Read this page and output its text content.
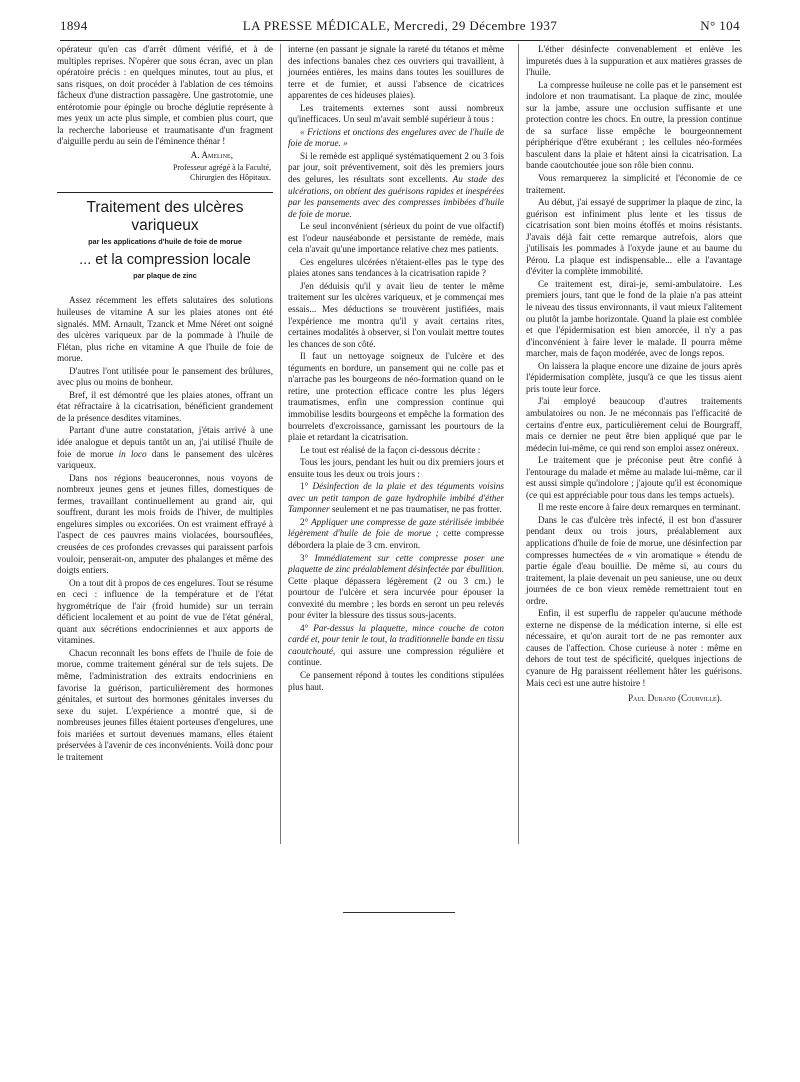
1894	LA PRESSE MÉDICALE, Mercredi, 29 Décembre 1937	N° 104

opérateur qu'en cas d'arrêt dûment vérifié, et à de multiples reprises. N'opérer que sous écran, avec un plan opératoire précis : en quelques minutes, tout au plus, et sans risques, on doit procéder à l'ablation de ces témoins fâcheux d'une distraction passagère. Une gastrotomie, une entérotomie pour épingle ou broche déglutie représente à mes yeux un acte plus simple, et combien plus court, que la recherche laborieuse et traumatisante d'un fragment d'aiguille perdu au sein de l'éminence thénar !

A. Ameline,
Professeur agrégé à la Faculté,
Chirurgien des Hôpitaux.
Traitement des ulcères variqueux
par les applications d'huile de foie de morue
... et la compression locale
par plaque de zinc

Assez récemment les effets salutaires des solutions huileuses de vitamine A sur les plaies atones ont été signalés. MM. Arnault, Tzanck et Mme Néret ont soigné des ulcères variqueux par de la pommade à l'huile de Flétan, plus riche en vitamine A que l'huile de foie de morue.

D'autres l'ont utilisée pour le pansement des brûlures, avec plus ou moins de bonheur.

Bref, il est démontré que les plaies atones, offrant un état réfractaire à la cicatrisation, bénéficient grandement de la présence desdites vitamines.

Partant d'une autre constatation, j'étais arrivé à une idée analogue et depuis tantôt un an, j'ai utilisé l'huile de foie de morue in loco dans le pansement des ulcères variqueux.

Dans nos régions beauceronnes, nous voyons de nombreux jeunes gens et jeunes filles, domestiques de fermes, travaillant continuellement au grand air, qui souffrent, durant les mois froids de l'hiver, de multiples engelures simples ou excoriées. On est vraiment effrayé à l'aspect de ces pauvres mains violacées, boursouflées, creusées de ces profondes crevasses qui paraissent parfois vouloir, penserait-on, amputer des phalanges et même des doigts entiers.

On a tout dit à propos de ces engelures. Tout se résume en ceci : influence de la température et de l'état hygrométrique de l'air (froid humide) sur un terrain déficient localement et au point de vue de l'état général, quant aux sécrétions endocriniennes et aux apports de vitamines.

Chacun reconnaît les bons effets de l'huile de foie de morue, comme traitement général sur de tels sujets. De même, l'administration des extraits endocriniens en favorise la guérison, particulièrement des hormones génitales, et surtout des hormones génitales inverses du sexe du sujet. L'expérience a montré que, si de nombreuses jeunes filles étaient porteuses d'engelures, une fois mariées et surtout devenues mamans, elles étaient préservées à l'avenir de ces inconvénients. Voilà donc pour le traitement

interne (en passant je signale la rareté du tétanos et même des infections banales chez ces ouvriers qui travaillent, à journées entières, les mains dans toutes les souillures de terre et de fumier, et aussi l'absence de cicatrices apparentes de ces hideuses plaies).

Les traitements externes sont aussi nombreux qu'inefficaces. Un seul m'avait semblé supérieur à tous :

« Frictions et onctions des engelures avec de l'huile de foie de morue. »

Si le remède est appliqué systématiquement 2 ou 3 fois par jour, soit préventivement, soit dès les premiers jours des gelures, les résultats sont excellents. Au stade des ulcérations, on obtient des guérisons rapides et inespérées par les pansements avec des compresses imbibées d'huile de foie de morue.

Le seul inconvénient (sérieux du point de vue olfactif) est l'odeur nauséabonde et persistante de remède, mais cela n'avait qu'une importance relative chez mes patients.

Ces engelures ulcérées n'étaient-elles pas le type des plaies atones sans tendances à la cicatrisation rapide ?

J'en déduisis qu'il y avait lieu de tenter le même traitement sur les ulcères variqueux, et je commençai mes essais... Mes déductions se trouvèrent justifiées, mais l'expérience me montra qu'il y avait certains rites, certaines modalités à observer, si l'on voulait mettre toutes les chances de son côté.

Il faut un nettoyage soigneux de l'ulcère et des téguments en bordure, un pansement qui ne colle pas et n'arrache pas les bourgeons de néo-formation quand on le retire, une protection efficace contre les plus légers traumatismes, enfin une compression continue qui immobilise lesdits bourgeons et empêche la formation des bourrelets d'excroissance, garnissant les pourtours de la plaie et retardant la cicatrisation.

Le tout est réalisé de la façon ci-dessous décrite :

Tous les jours, pendant les huit ou dix premiers jours et ensuite tous les deux ou trois jours :

1° Désinfection de la plaie et des téguments voisins avec un petit tampon de gaze hydrophile imbibé d'éther Tamponner seulement et ne pas traumatiser, ne pas frotter.

2° Appliquer une compresse de gaze stérilisée imbibée légèrement d'huile de foie de morue ; cette compresse débordera la plaie de 3 cm. environ.

3° Immédiatement sur cette compresse poser une plaquette de zinc préalablement désinfectée par ébullition. Cette plaque dépassera légèrement (2 ou 3 cm.) le pourtour de l'ulcère et sera incurvée pour épouser la convexité du membre ; les bords en seront un peu relevés pour éviter la blessure des tissus sous-jacents.

4° Par-dessus la plaquette, mince couche de coton cardé et, pour tenir le tout, la traditionnelle bande en tissu caoutchouté, qui assure une compression régulière et continue.

Ce pansement répond à toutes les conditions stipulées plus haut.

L'éther désinfecte convenablement et enlève les impuretés dues à la suppuration et aux matières grasses de l'huile.

La compresse huileuse ne colle pas et le pansement est indolore et non traumatisant. La plaque de zinc, moulée sur la jambe, assure une occlusion suffisante et une protection contre les chocs. En outre, la pression continue de sa surface lisse empêche le bourgeonnement périphérique d'être exubérant ; les cellules néo-formées basculent dans la plaie et hâtent ainsi la cicatrisation. La bande caoutchoutée joue son rôle bien connu.

Vous remarquerez la simplicité et l'économie de ce traitement.

Au début, j'ai essayé de supprimer la plaque de zinc, la guérison est infiniment plus lente et les tissus de cicatrisation sont bien moins étoffés et moins résistants. J'avais déjà fait cette remarque autrefois, alors que j'utilisais les pommades à l'oxyde jaune et au baume du Pérou. La plaque est indispensable... elle a l'avantage d'éviter la complète immobilité.

Ce traitement est, dirai-je, semi-ambulatoire. Les premiers jours, tant que le fond de la plaie n'a pas atteint le niveau des tissus environnants, il vaut mieux l'alitement ou plutôt la jambe horizontale. Quand la plaie est comblée et que l'épidermisation est bien amorcée, il n'y a pas d'inconvénient à faire lever le malade. Il pourra même marcher, mais de façon modérée, avec de longs repos.

On laissera la plaque encore une dizaine de jours après l'épidermisation complète, jusqu'à ce que les tissus aient pris toute leur force.

J'ai employé beaucoup d'autres traitements ambulatoires ou non. Je ne méconnais pas l'efficacité de certains d'entre eux, particulièrement celui de Bourgraff, mais ce dernier ne peut être bien appliqué que par le médecin lui-même, ce qui rend son emploi assez onéreux.

Le traitement que je préconise peut être confié à l'entourage du malade et même au malade lui-même, car il est aussi simple qu'indolore ; j'ajoute qu'il est économique (ce qui est appréciable pour tous dans les temps actuels).

Il me reste encore à faire deux remarques en terminant.

Dans le cas d'ulcère très infecté, il est bon d'assurer pendant deux ou trois jours, préalablement aux applications d'huile de foie de morue, une désinfection par compresses humectées de « vin aromatique » étendu de partie égale d'eau bouillie. De même si, au cours du traitement, la plaie devenait un peu sanieuse, une ou deux journées de ce bon vieux remède remettraient tout en ordre.

Enfin, il est superflu de rappeler qu'aucune méthode externe ne dispense de la médication interne, si elle est nécessaire, et qu'on aurait tort de ne pas remonter aux causes de l'affection. Chose curieuse à noter : même en dehors de tout test de spécificité, quelques injections de cyanure de Hg paraissent réellement hâter les guérisons. Mais ceci est une autre histoire !

Paul Durand (Courville).
